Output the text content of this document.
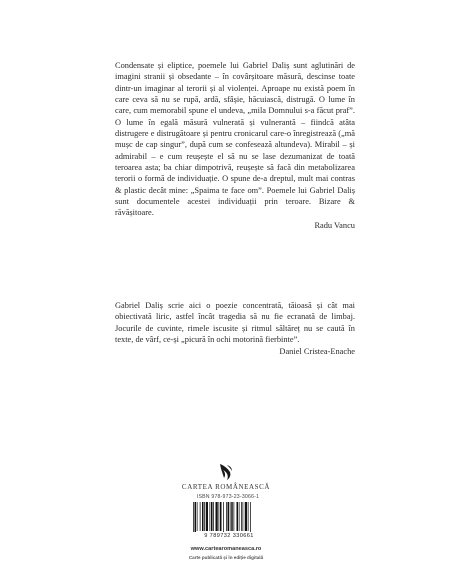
Condensate și eliptice, poemele lui Gabriel Daliș sunt aglutinări de imagini stranii și obsedante – în covârșitoare măsură, descinse toate dintr-un imaginar al terorii și al violenței. Aproape nu există poem în care ceva să nu se rupă, ardă, sfâșie, hăcuiască, distrugă. O lume în care, cum memorabil spune el undeva, „mila Domnului s-a făcut praf”. O lume în egală măsură vulnerată și vulnerantă – fiindcă atâta distrugere e distrugătoare și pentru cronicarul care-o înregistrează („mă mușc de cap singur”, după cum se confesează altundeva). Mirabil – și admirabil – e cum reușește el să nu se lase dezumanizat de toată teroarea asta; ba chiar dimpotrivă, reușește să facă din metabolizarea terorii o formă de individuație. O spune de-a dreptul, mult mai contras & plastic decât mine: „Spaima te face om”. Poemele lui Gabriel Daliș sunt documentele acestei individuații prin teroare. Bizare & răvășitoare.

Radu Vancu

Gabriel Daliș scrie aici o poezie concentrată, tăioasă și cât mai obiectivată liric, astfel încât tragedia să nu fie ecranată de limbaj. Jocurile de cuvinte, rimele iscusite și ritmul săltăreț nu se caută în texte, de vârf, ce-și „picură în ochi motorină fierbinte”.

Daniel Cristea-Enache
CARTEA ROMÂNEASCĂ
ISBN 978-973-23-3066-1
9 789732 330661
www.cartearomaneasca.ro
Carte publicată și în ediție digitală
